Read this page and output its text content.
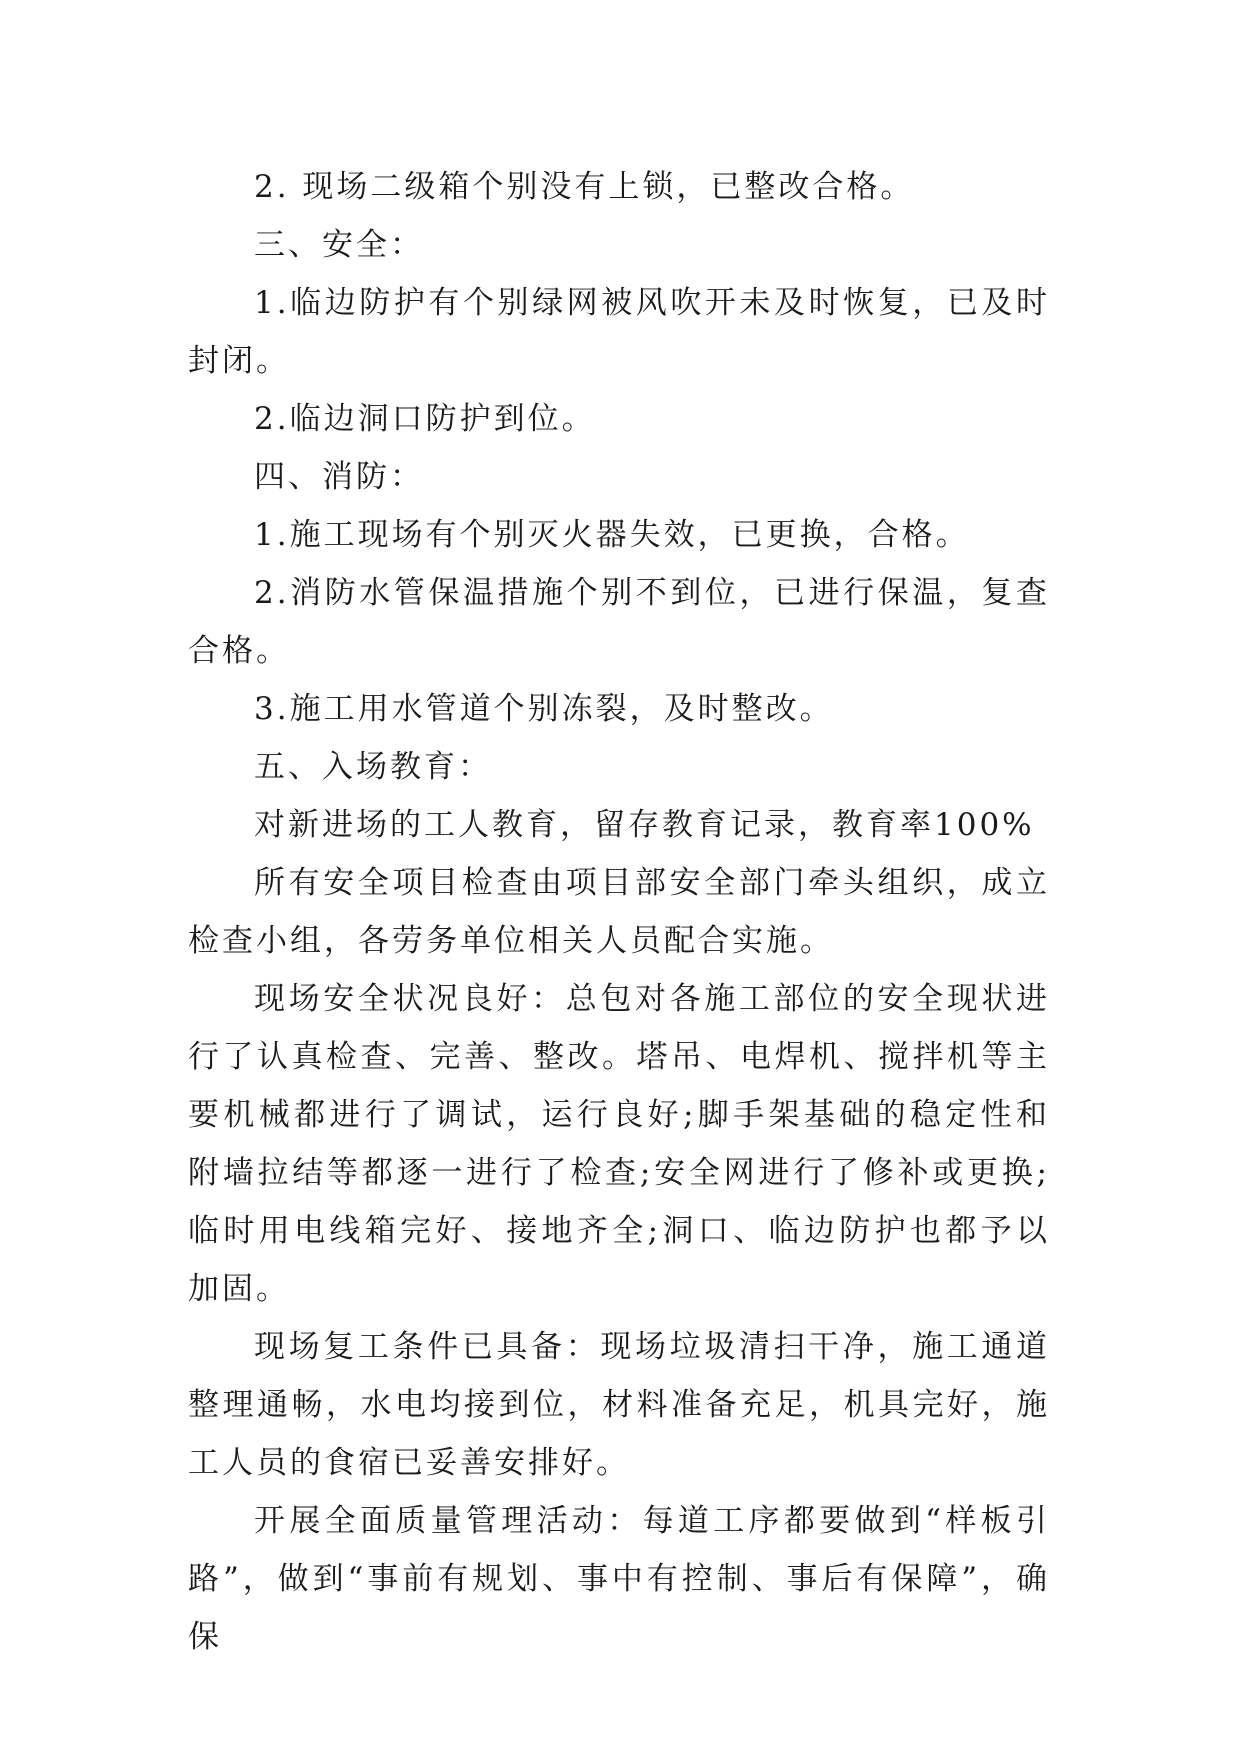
2. 现场二级箱个别没有上锁，已整改合格。

三、安全：

1.临边防护有个别绿网被风吹开未及时恢复，已及时封闭。

2.临边洞口防护到位。

四、消防：

1.施工现场有个别灭火器失效，已更换，合格。

2.消防水管保温措施个别不到位，已进行保温，复查合格。

3.施工用水管道个别冻裂，及时整改。

五、入场教育：

对新进场的工人教育，留存教育记录，教育率100%

所有安全项目检查由项目部安全部门牵头组织，成立检查小组，各劳务单位相关人员配合实施。

现场安全状况良好：总包对各施工部位的安全现状进行了认真检查、完善、整改。塔吊、电焊机、搅拌机等主要机械都进行了调试，运行良好;脚手架基础的稳定性和附墙拉结等都逐一进行了检查;安全网进行了修补或更换;临时用电线箱完好、接地齐全;洞口、临边防护也都予以加固。

现场复工条件已具备：现场垃圾清扫干净，施工通道整理通畅，水电均接到位，材料准备充足，机具完好，施工人员的食宿已妥善安排好。

开展全面质量管理活动：每道工序都要做到“样板引路”，做到“事前有规划、事中有控制、事后有保障”，确保
